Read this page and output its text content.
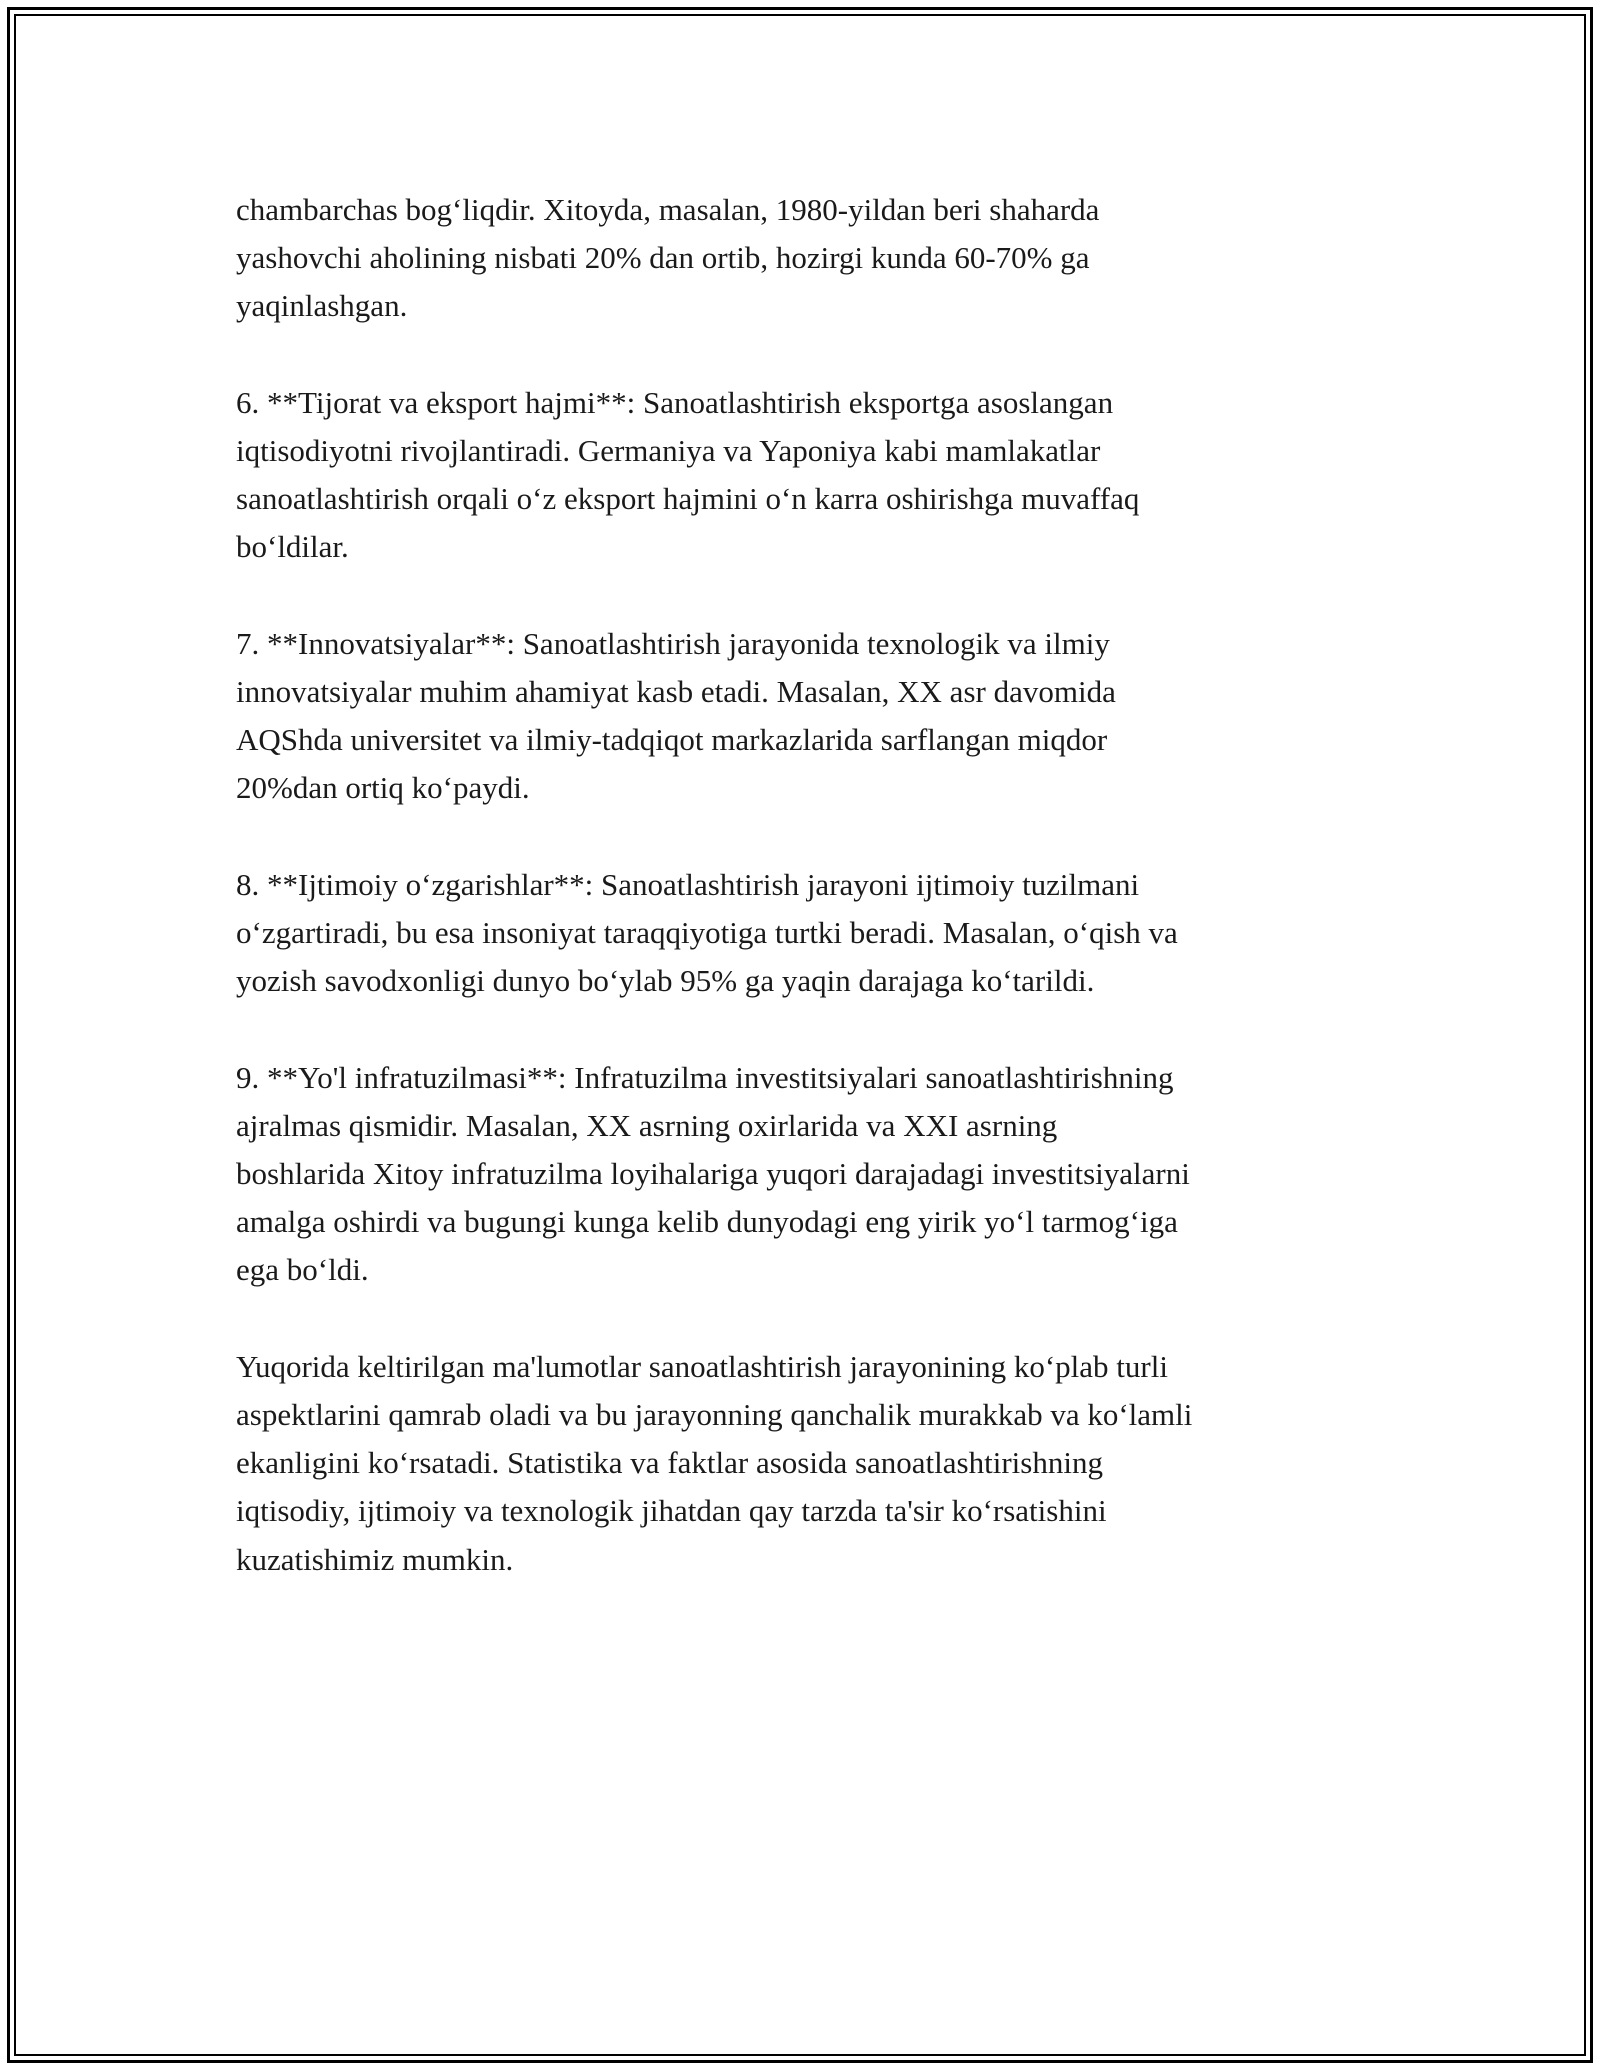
chambarchas bog‘liqdir. Xitoyda, masalan, 1980-yildan beri shaharda
yashovchi aholining nisbati 20% dan ortib, hozirgi kunda 60-70% ga
yaqinlashgan.

6. **Tijorat va eksport hajmi**: Sanoatlashtirish eksportga asoslangan
iqtisodiyotni rivojlantiradi. Germaniya va Yaponiya kabi mamlakatlar
sanoatlashtirish orqali o‘z eksport hajmini o‘n karra oshirishga muvaffaq
bo‘ldilar.

7. **Innovatsiyalar**: Sanoatlashtirish jarayonida texnologik va ilmiy
innovatsiyalar muhim ahamiyat kasb etadi. Masalan, XX asr davomida
AQShda universitet va ilmiy-tadqiqot markazlarida sarflangan miqdor
20%dan ortiq ko‘paydi.

8. **Ijtimoiy o‘zgarishlar**: Sanoatlashtirish jarayoni ijtimoiy tuzilmani
o‘zgartiradi, bu esa insoniyat taraqqiyotiga turtki beradi. Masalan, o‘qish va
yozish savodxonligi dunyo bo‘ylab 95% ga yaqin darajaga ko‘tarildi.

9. **Yo'l infratuzilmasi**: Infratuzilma investitsiyalari sanoatlashtirishning
ajralmas qismidir. Masalan, XX asrning oxirlarida va XXI asrning
boshlarida Xitoy infratuzilma loyihalariga yuqori darajadagi investitsiyalarni
amalga oshirdi va bugungi kunga kelib dunyodagi eng yirik yo‘l tarmog‘iga
ega bo‘ldi.

Yuqorida keltirilgan ma'lumotlar sanoatlashtirish jarayonining ko‘plab turli
aspektlarini qamrab oladi va bu jarayonning qanchalik murakkab va ko‘lamli
ekanligini ko‘rsatadi. Statistika va faktlar asosida sanoatlashtirishning
iqtisodiy, ijtimoiy va texnologik jihatdan qay tarzda ta'sir ko‘rsatishini
kuzatishimiz mumkin.
